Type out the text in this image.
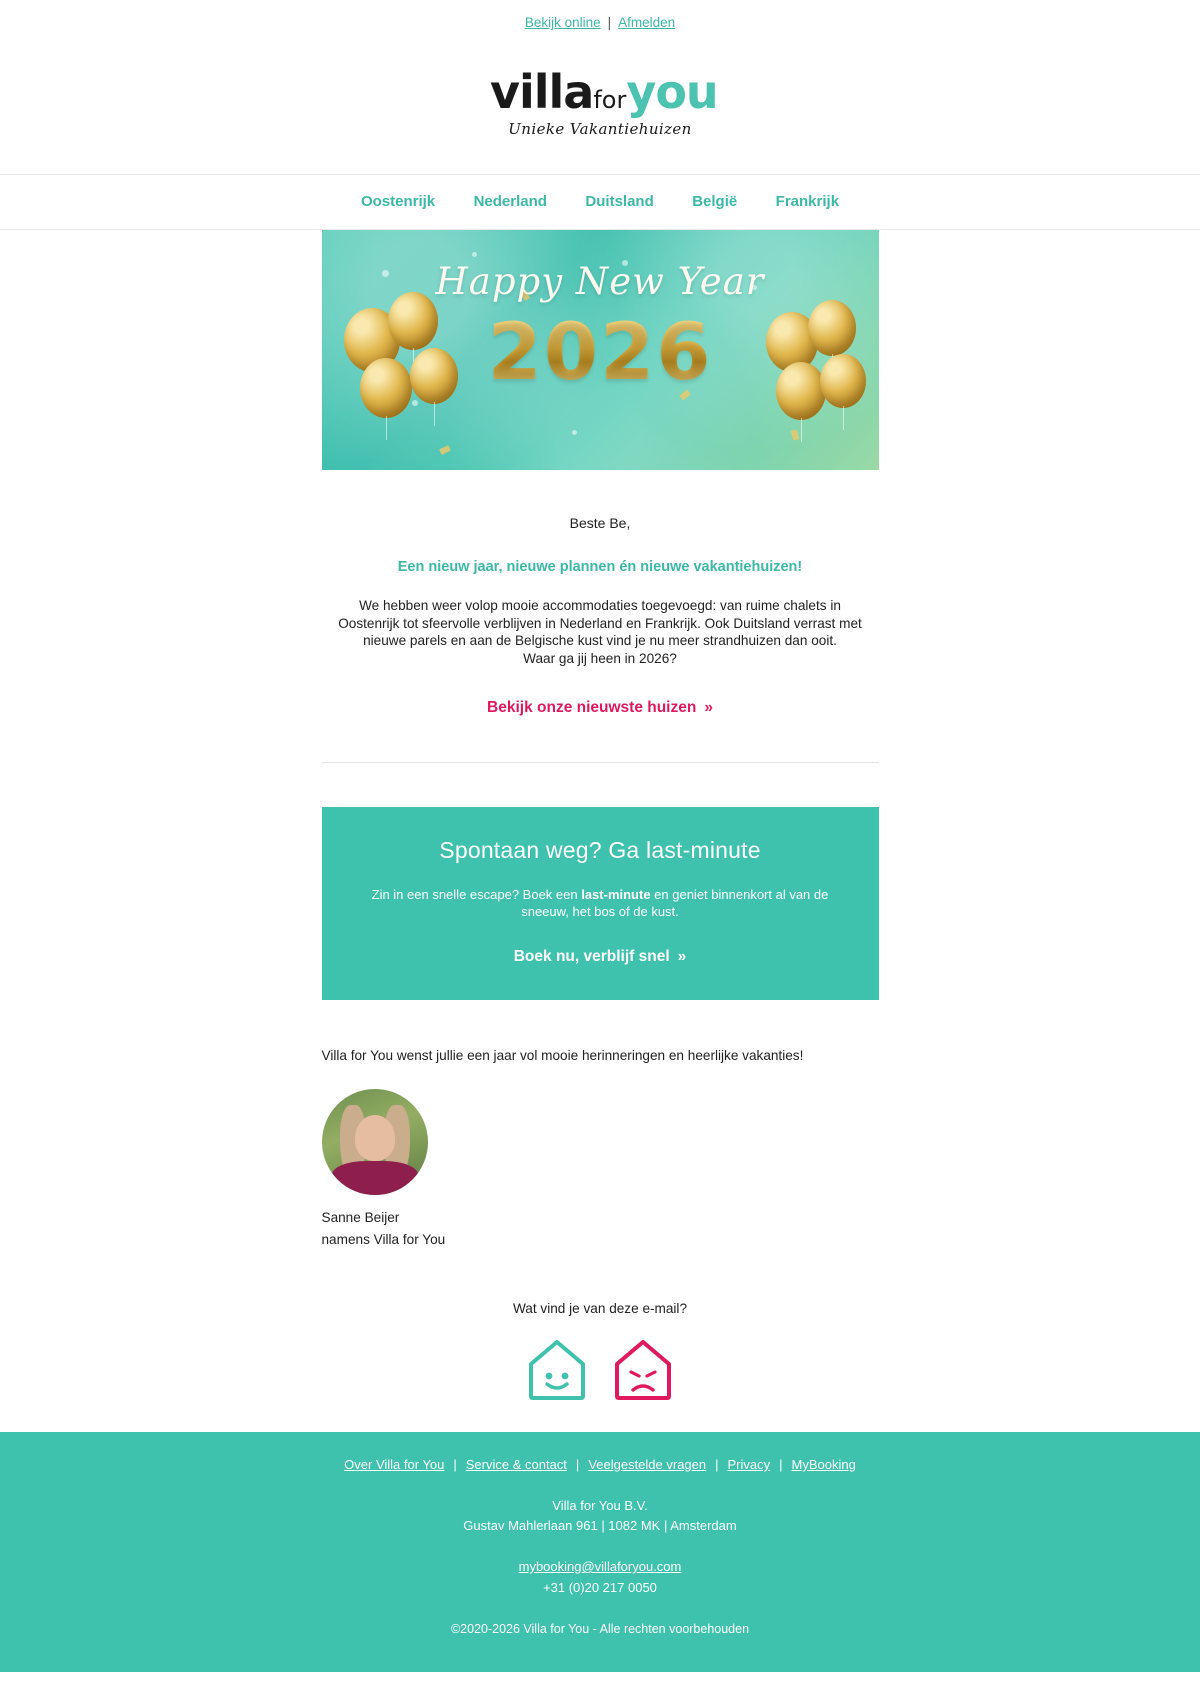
Bekijk online | Afmelden
villaforyou
Unieke Vakantiehuizen
Oostenrijk	Nederland	Duitsland	België	Frankrijk
Happy New Year
2026
Beste Be,
Een nieuw jaar, nieuwe plannen én nieuwe vakantiehuizen!
We hebben weer volop mooie accommodaties toegevoegd: van ruime chalets in Oostenrijk tot sfeervolle verblijven in Nederland en Frankrijk. Ook Duitsland verrast met nieuwe parels en aan de Belgische kust vind je nu meer strandhuizen dan ooit.
Waar ga jij heen in 2026?
Bekijk onze nieuwste huizen »
Spontaan weg? Ga last-minute

Zin in een snelle escape? Boek een last-minute en geniet binnenkort al van de sneeuw, het bos of de kust.

Boek nu, verblijf snel »
Villa for You wenst jullie een jaar vol mooie herinneringen en heerlijke vakanties!
Sanne Beijer
namens Villa for You
Wat vind je van deze e-mail?
Over Villa for You | Service & contact | Veelgestelde vragen | Privacy | MyBooking
Villa for You B.V.
Gustav Mahlerlaan 961 | 1082 MK | Amsterdam
mybooking@villaforyou.com
+31 (0)20 217 0050
©2020-2026 Villa for You - Alle rechten voorbehouden
